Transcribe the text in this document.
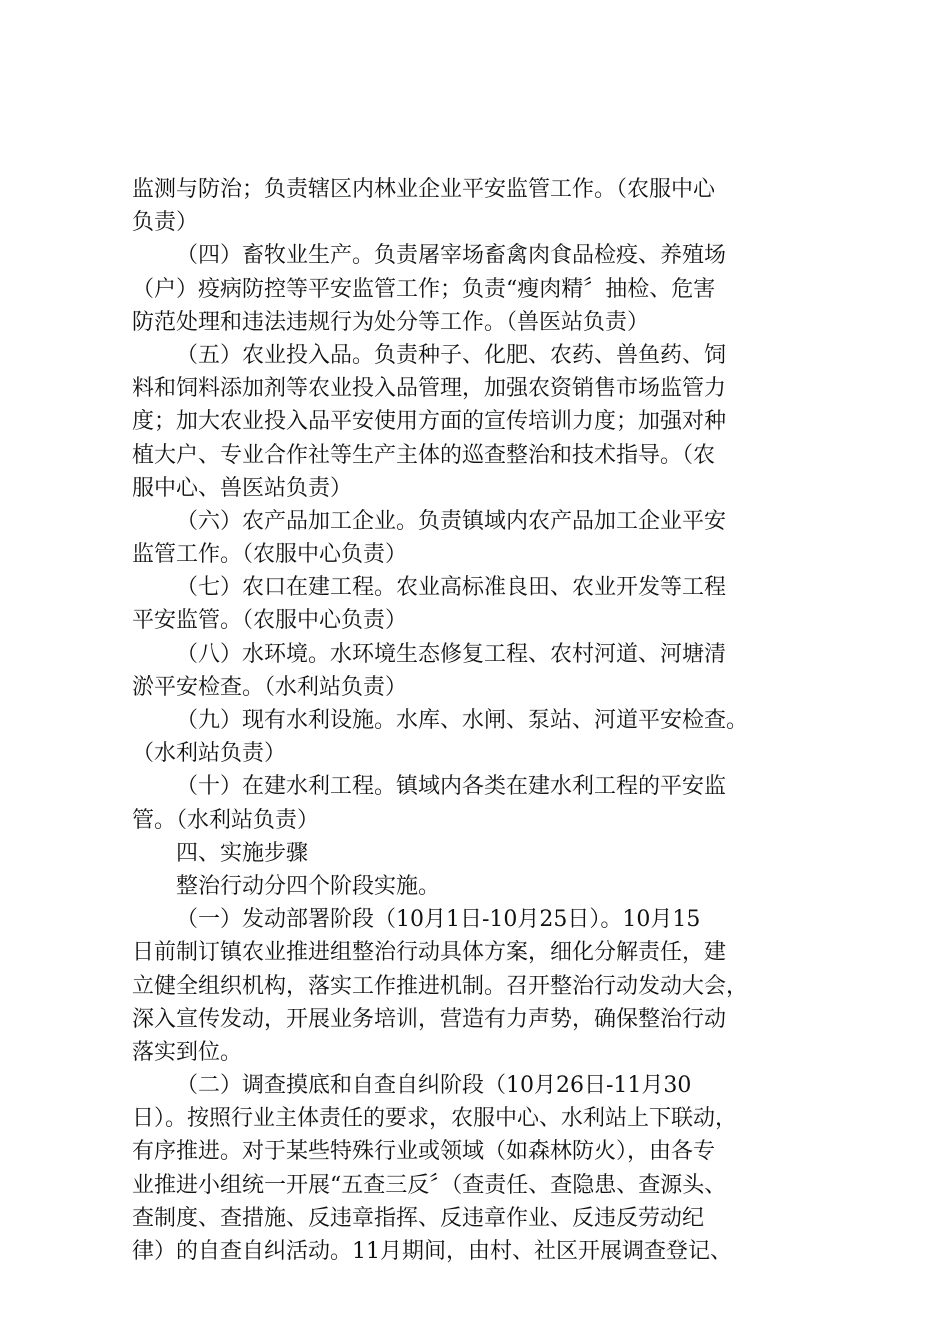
监测与防治；负责辖区内林业企业平安监管工作。（农服中心
负责）
（四）畜牧业生产。负责屠宰场畜禽肉食品检疫、养殖场
（户）疫病防控等平安监管工作；负责“瘦肉精〞抽检、危害
防范处理和违法违规行为处分等工作。（兽医站负责）
（五）农业投入品。负责种子、化肥、农药、兽鱼药、饲
料和饲料添加剂等农业投入品管理，加强农资销售市场监管力
度；加大农业投入品平安使用方面的宣传培训力度；加强对种
植大户、专业合作社等生产主体的巡查整治和技术指导。（农
服中心、兽医站负责）
（六）农产品加工企业。负责镇域内农产品加工企业平安
监管工作。（农服中心负责）
（七）农口在建工程。农业高标准良田、农业开发等工程
平安监管。（农服中心负责）
（八）水环境。水环境生态修复工程、农村河道、河塘清
淤平安检查。（水利站负责）
（九）现有水利设施。水库、水闸、泵站、河道平安检查。
（水利站负责）
（十）在建水利工程。镇域内各类在建水利工程的平安监
管。（水利站负责）
四、实施步骤
整治行动分四个阶段实施。
（一）发动部署阶段（10月1日-10月25日）。10月15
日前制订镇农业推进组整治行动具体方案，细化分解责任，建
立健全组织机构，落实工作推进机制。召开整治行动发动大会，
深入宣传发动，开展业务培训，营造有力声势，确保整治行动
落实到位。
（二）调查摸底和自查自纠阶段（10月26日-11月30
日）。按照行业主体责任的要求，农服中心、水利站上下联动，
有序推进。对于某些特殊行业或领域（如森林防火），由各专
业推进小组统一开展“五查三反〞（查责任、查隐患、查源头、
查制度、查措施、反违章指挥、反违章作业、反违反劳动纪
律）的自查自纠活动。11月期间，由村、社区开展调查登记、
